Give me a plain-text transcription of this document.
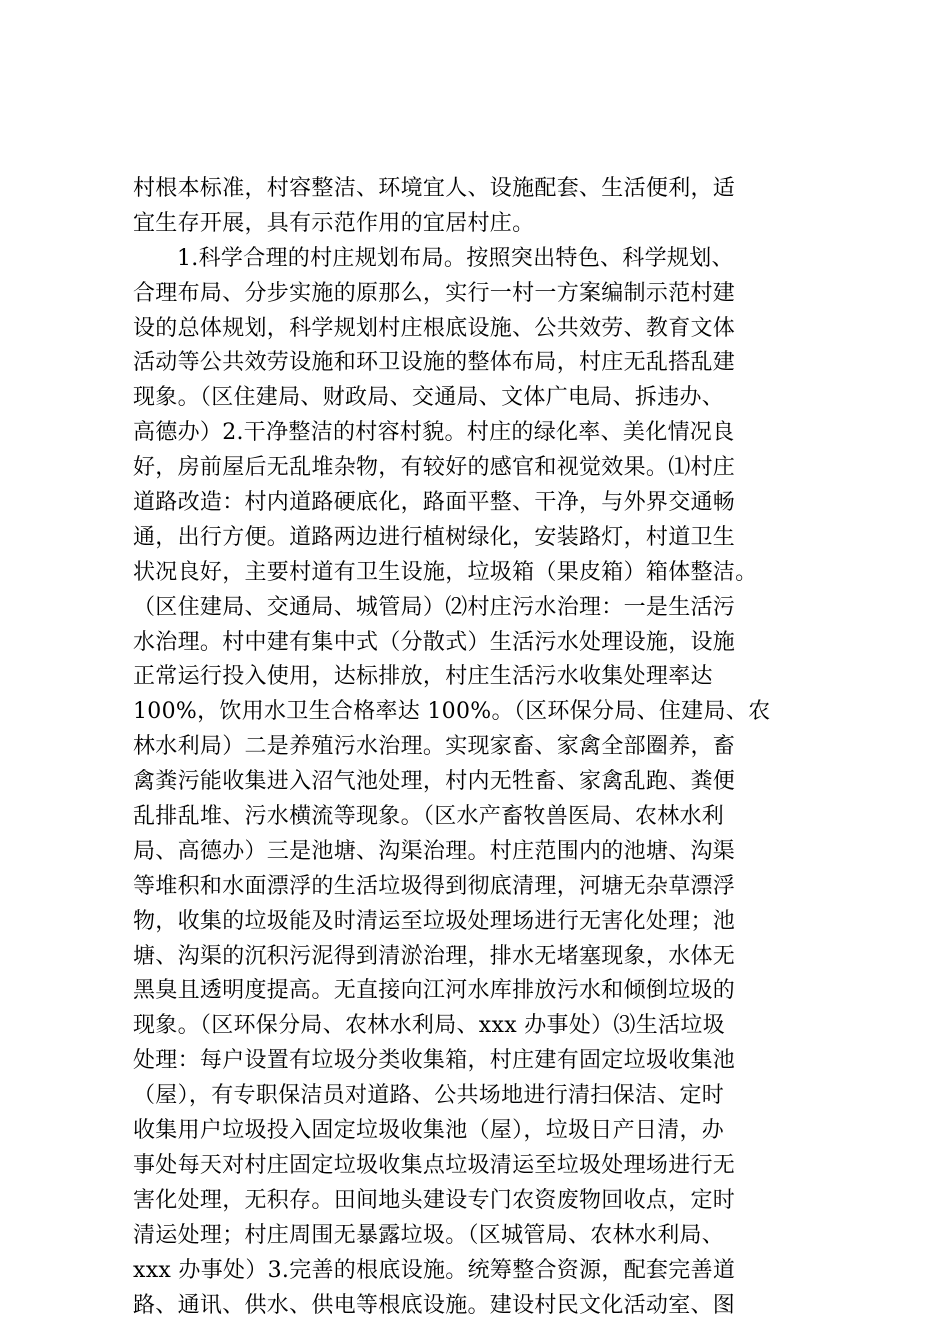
村根本标准，村容整洁、环境宜人、设施配套、生活便利，适
宜生存开展，具有示范作用的宜居村庄。
1.科学合理的村庄规划布局。按照突出特色、科学规划、
合理布局、分步实施的原那么，实行一村一方案编制示范村建
设的总体规划，科学规划村庄根底设施、公共效劳、教育文体
活动等公共效劳设施和环卫设施的整体布局，村庄无乱搭乱建
现象。（区住建局、财政局、交通局、文体广电局、拆违办、
高德办）2.干净整洁的村容村貌。村庄的绿化率、美化情况良
好，房前屋后无乱堆杂物，有较好的感官和视觉效果。⑴村庄
道路改造：村内道路硬底化，路面平整、干净，与外界交通畅
通，出行方便。道路两边进行植树绿化，安装路灯，村道卫生
状况良好，主要村道有卫生设施，垃圾箱（果皮箱）箱体整洁。
（区住建局、交通局、城管局）⑵村庄污水治理：一是生活污
水治理。村中建有集中式（分散式）生活污水处理设施，设施
正常运行投入使用，达标排放，村庄生活污水收集处理率达
100%，饮用水卫生合格率达 100%。（区环保分局、住建局、农
林水利局）二是养殖污水治理。实现家畜、家禽全部圈养，畜
禽粪污能收集进入沼气池处理，村内无牲畜、家禽乱跑、粪便
乱排乱堆、污水横流等现象。（区水产畜牧兽医局、农林水利
局、高德办）三是池塘、沟渠治理。村庄范围内的池塘、沟渠
等堆积和水面漂浮的生活垃圾得到彻底清理，河塘无杂草漂浮
物，收集的垃圾能及时清运至垃圾处理场进行无害化处理；池
塘、沟渠的沉积污泥得到清淤治理，排水无堵塞现象，水体无
黑臭且透明度提高。无直接向江河水库排放污水和倾倒垃圾的
现象。（区环保分局、农林水利局、xxx 办事处）⑶生活垃圾
处理：每户设置有垃圾分类收集箱，村庄建有固定垃圾收集池
（屋），有专职保洁员对道路、公共场地进行清扫保洁、定时
收集用户垃圾投入固定垃圾收集池（屋），垃圾日产日清，办
事处每天对村庄固定垃圾收集点垃圾清运至垃圾处理场进行无
害化处理，无积存。田间地头建设专门农资废物回收点，定时
清运处理；村庄周围无暴露垃圾。（区城管局、农林水利局、
xxx 办事处）3.完善的根底设施。统筹整合资源，配套完善道
路、通讯、供水、供电等根底设施。建设村民文化活动室、图
